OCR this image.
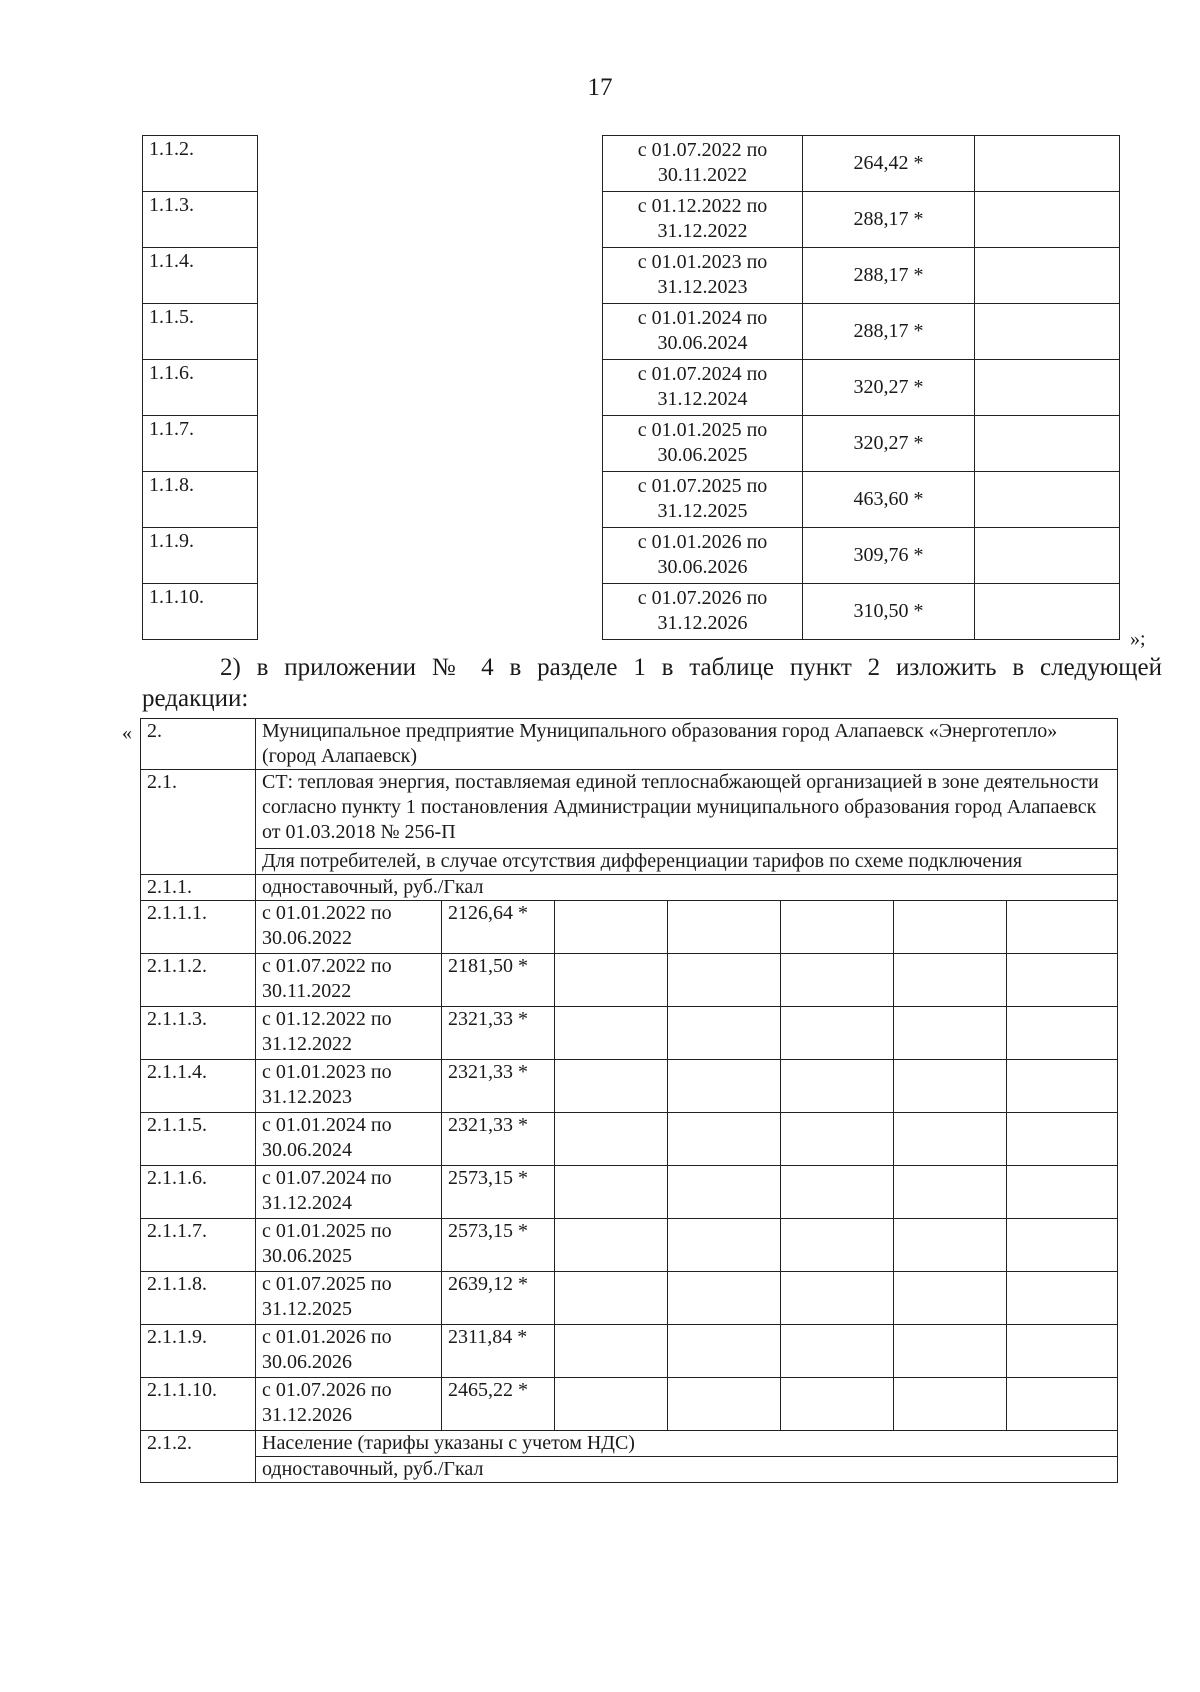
17
1.1.2.		с 01.07.2022 по 30.11.2022	264,42 *	
1.1.3.		с 01.12.2022 по 31.12.2022	288,17 *	
1.1.4.		с 01.01.2023 по 31.12.2023	288,17 *	
1.1.5.		с 01.01.2024 по 30.06.2024	288,17 *	
1.1.6.		с 01.07.2024 по 31.12.2024	320,27 *	
1.1.7.		с 01.01.2025 по 30.06.2025	320,27 *	
1.1.8.		с 01.07.2025 по 31.12.2025	463,60 *	
1.1.9.		с 01.01.2026 по 30.06.2026	309,76 *	
1.1.10.		с 01.07.2026 по 31.12.2026	310,50 *	
»;
2) в приложении № 4 в разделе 1 в таблице пункт 2 изложить в следующей
редакции:
« 2.	Муниципальное предприятие Муниципального образования город Алапаевск «Энерготепло» (город Алапаевск)						
2.1.	СТ: тепловая энергия, поставляемая единой теплоснабжающей организацией в зоне деятельности согласно пункту 1 постановления Администрации муниципального образования город Алапаевск от 01.03.2018 № 256-П						
	Для потребителей, в случае отсутствия дифференциации тарифов по схеме подключения						
2.1.1.	одноставочный, руб./Гкал						
2.1.1.1.	с 01.01.2022 по 30.06.2022	2126,64 *					
2.1.1.2.	с 01.07.2022 по 30.11.2022	2181,50 *					
2.1.1.3.	с 01.12.2022 по 31.12.2022	2321,33 *					
2.1.1.4.	с 01.01.2023 по 31.12.2023	2321,33 *					
2.1.1.5.	с 01.01.2024 по 30.06.2024	2321,33 *					
2.1.1.6.	с 01.07.2024 по 31.12.2024	2573,15 *					
2.1.1.7.	с 01.01.2025 по 30.06.2025	2573,15 *					
2.1.1.8.	с 01.07.2025 по 31.12.2025	2639,12 *					
2.1.1.9.	с 01.01.2026 по 30.06.2026	2311,84 *					
2.1.1.10.	с 01.07.2026 по 31.12.2026	2465,22 *					
2.1.2.	Население (тарифы указаны с учетом НДС)						
	одноставочный, руб./Гкал						
